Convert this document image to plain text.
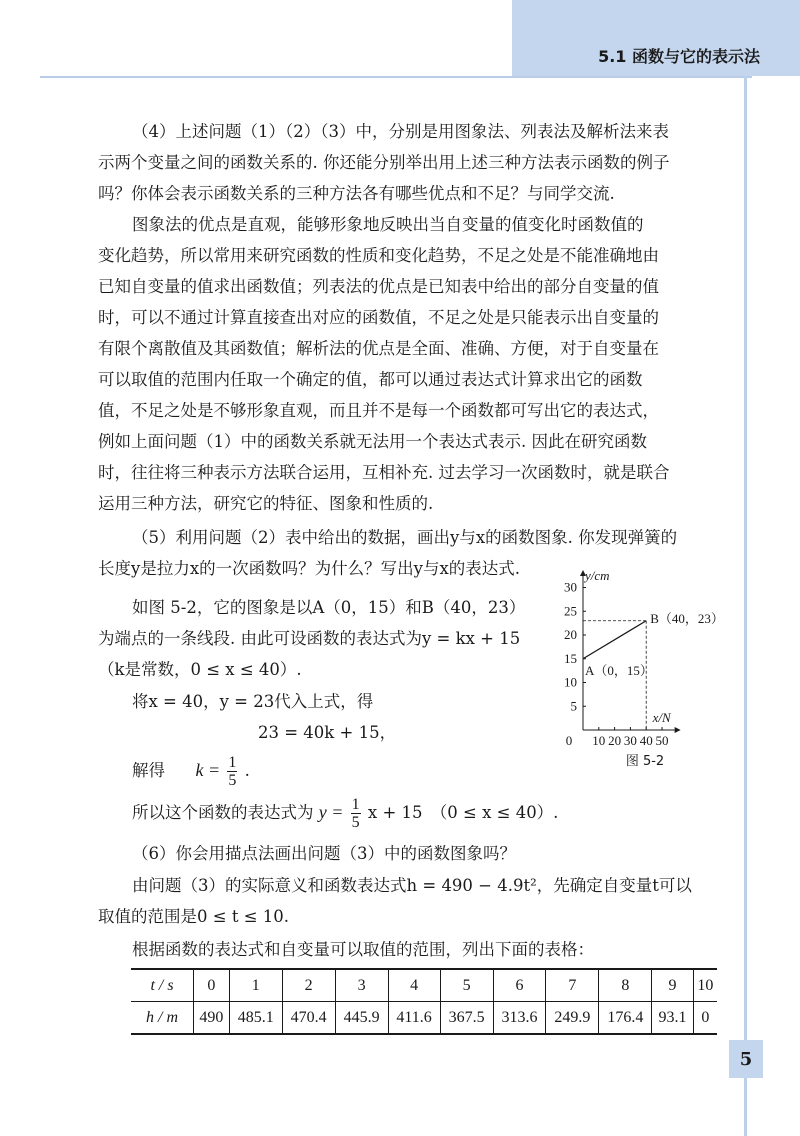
5.1 函数与它的表示法

（4）上述问题（1）（2）（3）中，分别是用图象法、列表法及解析法来表

示两个变量之间的函数关系的. 你还能分别举出用上述三种方法表示函数的例子

吗？你体会表示函数关系的三种方法各有哪些优点和不足？与同学交流.

图象法的优点是直观，能够形象地反映出当自变量的值变化时函数值的

变化趋势，所以常用来研究函数的性质和变化趋势，不足之处是不能准确地由

已知自变量的值求出函数值；列表法的优点是已知表中给出的部分自变量的值

时，可以不通过计算直接查出对应的函数值，不足之处是只能表示出自变量的

有限个离散值及其函数值；解析法的优点是全面、准确、方便，对于自变量在

可以取值的范围内任取一个确定的值，都可以通过表达式计算求出它的函数

值，不足之处是不够形象直观，而且并不是每一个函数都可写出它的表达式，

例如上面问题（1）中的函数关系就无法用一个表达式表示. 因此在研究函数

时，往往将三种表示方法联合运用，互相补充. 过去学习一次函数时，就是联合

运用三种方法，研究它的特征、图象和性质的.

（5）利用问题（2）表中给出的数据，画出y与x的函数图象. 你发现弹簧的

长度y是拉力x的一次函数吗？为什么？写出y与x的表达式.

如图 5-2，它的图象是以A（0，15）和B（40，23）

为端点的一条线段. 由此可设函数的表达式为y = kx + 15

（k是常数，0 ≤ x ≤ 40）.

将x = 40，y = 23代入上式，得

23 = 40k + 15，

解得 $k = \frac{1}{5}$ .

所以这个函数的表达式为 $y = \frac{1}{5}$ x + 15　（0 ≤ x ≤ 40）.

（6）你会用描点法画出问题（3）中的函数图象吗？

由问题（3）的实际意义和函数表达式h = 490 − 4.9t²，先确定自变量t可以

取值的范围是0 ≤ t ≤ 10.

根据函数的表达式和自变量可以取值的范围，列出下面的表格：

0 10 20 30 40 50
5
10
15
20
25
30
y/cm
x/N
A（0，15）
B（40，23）
图 5-2
t / s	0	1	2	3	4	5	6	7	8	9	10
h / m	490	485.1	470.4	445.9	411.6	367.5	313.6	249.9	176.4	93.1	0
5
